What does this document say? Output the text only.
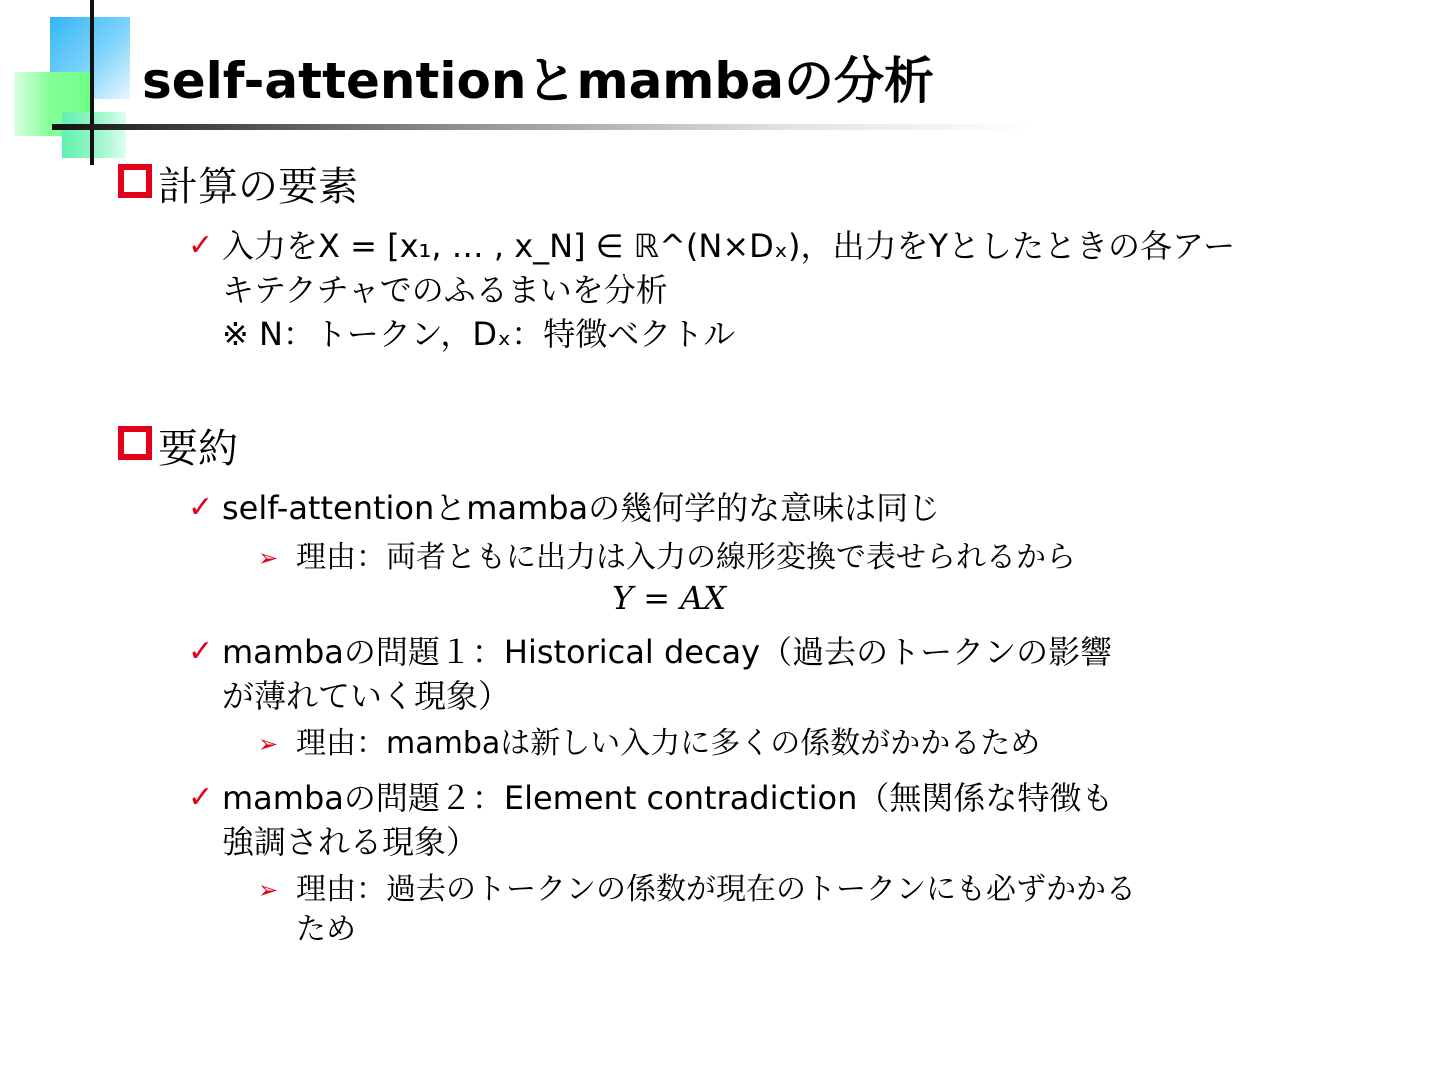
self-attentionとmambaの分析
計算の要素
✓ 入力をX = [x₁, … , x_N] ∈ ℝ^(N×Dₓ)，出力をYとしたときの各アー
キテクチャでのふるまいを分析
※ N：トークン，Dₓ：特徴ベクトル
要約
✓ self-attentionとmambaの幾何学的な意味は同じ
➢ 理由：両者ともに出力は入力の線形変換で表せられるから
Y = AX
✓ mambaの問題１：Historical decay（過去のトークンの影響
が薄れていく現象）
➢ 理由：mambaは新しい入力に多くの係数がかかるため
✓ mambaの問題２：Element contradiction（無関係な特徴も
強調される現象）
➢ 理由：過去のトークンの係数が現在のトークンにも必ずかかる
ため
